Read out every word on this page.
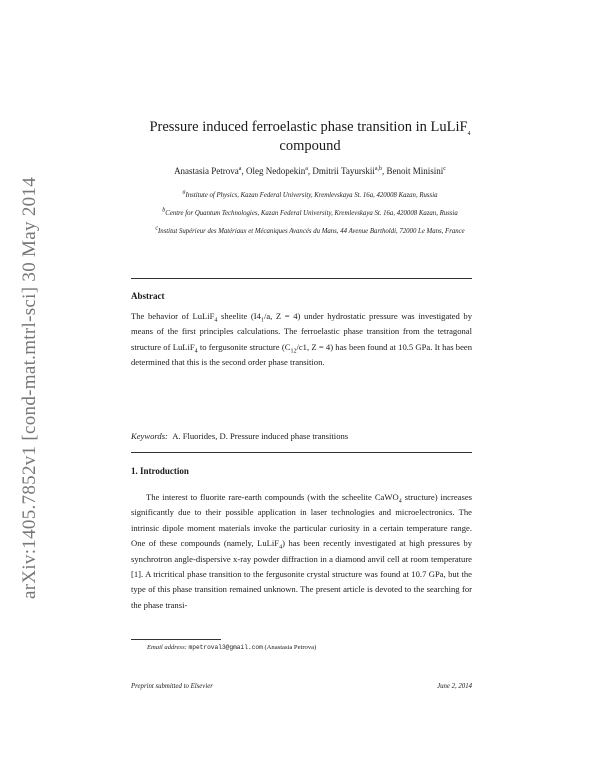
arXiv:1405.7852v1 [cond-mat.mtrl-sci] 30 May 2014
Pressure induced ferroelastic phase transition in LuLiF$_4$
compound
Anastasia Petrova$^a$, Oleg Nedopekin$^a$, Dmitrii Tayurskii$^{a,b}$, Benoit Minisini$^c$
$^a$Institute of Physics, Kazan Federal University, Kremlevskaya St. 16a, 420008 Kazan, Russia
$^b$Centre for Quantum Technologies, Kazan Federal University, Kremlevskaya St. 16a, 420008 Kazan, Russia
$^c$Institut Supérieur des Matériaux et Mécaniques Avancés du Mans, 44 Avenue Bartholdi, 72000 Le Mans, France
Abstract
The behavior of LuLiF$_4$ sheelite ($I4_1/a$, Z = 4) under hydrostatic pressure was investigated by means of the first principles calculations. The ferroelastic phase transition from the tetragonal structure of LuLiF$_4$ to fergusonite structure ($C_{12}/c1$, Z = 4) has been found at 10.5 GPa. It has been determined that this is the second order phase transition.
Keywords: A. Fluorides, D. Pressure induced phase transitions
1. Introduction
The interest to fluorite rare-earth compounds (with the scheelite CaWO$_4$ structure) increases significantly due to their possible application in laser technologies and microelectronics. The intrinsic dipole moment materials invoke the particular curiosity in a certain temperature range. One of these compounds (namely, LuLiF$_4$) has been recently investigated at high pressures by synchrotron angle-dispersive x-ray powder diffraction in a diamond anvil cell at room temperature [1]. A tricritical phase transition to the fergusonite crystal structure was found at 10.7 GPa, but the type of this phase transition remained unknown. The present article is devoted to the searching for the phase transi-
Email address: mpetroval3@gmail.com (Anastasia Petrova)
Preprint submitted to Elsevier	June 2, 2014
